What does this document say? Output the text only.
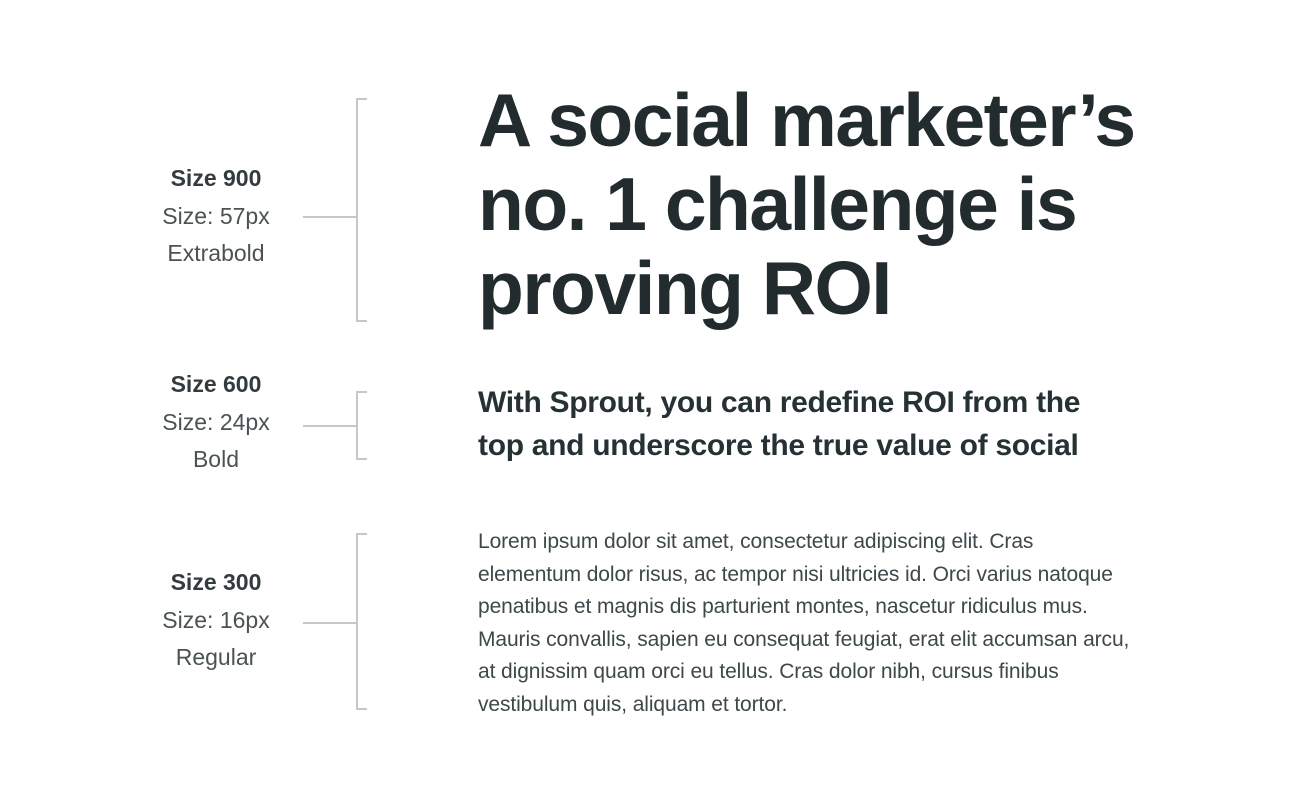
Size 900
Size: 57px
Extrabold
Size 600
Size: 24px
Bold
Size 300
Size: 16px
Regular
A social marketer’s
no. 1 challenge is
proving ROI
With Sprout, you can redefine ROI from the
top and underscore the true value of social

Lorem ipsum dolor sit amet, consectetur adipiscing elit. Cras
elementum dolor risus, ac tempor nisi ultricies id. Orci varius natoque
penatibus et magnis dis parturient montes, nascetur ridiculus mus.
Mauris convallis, sapien eu consequat feugiat, erat elit accumsan arcu,
at dignissim quam orci eu tellus. Cras dolor nibh, cursus finibus
vestibulum quis, aliquam et tortor.
